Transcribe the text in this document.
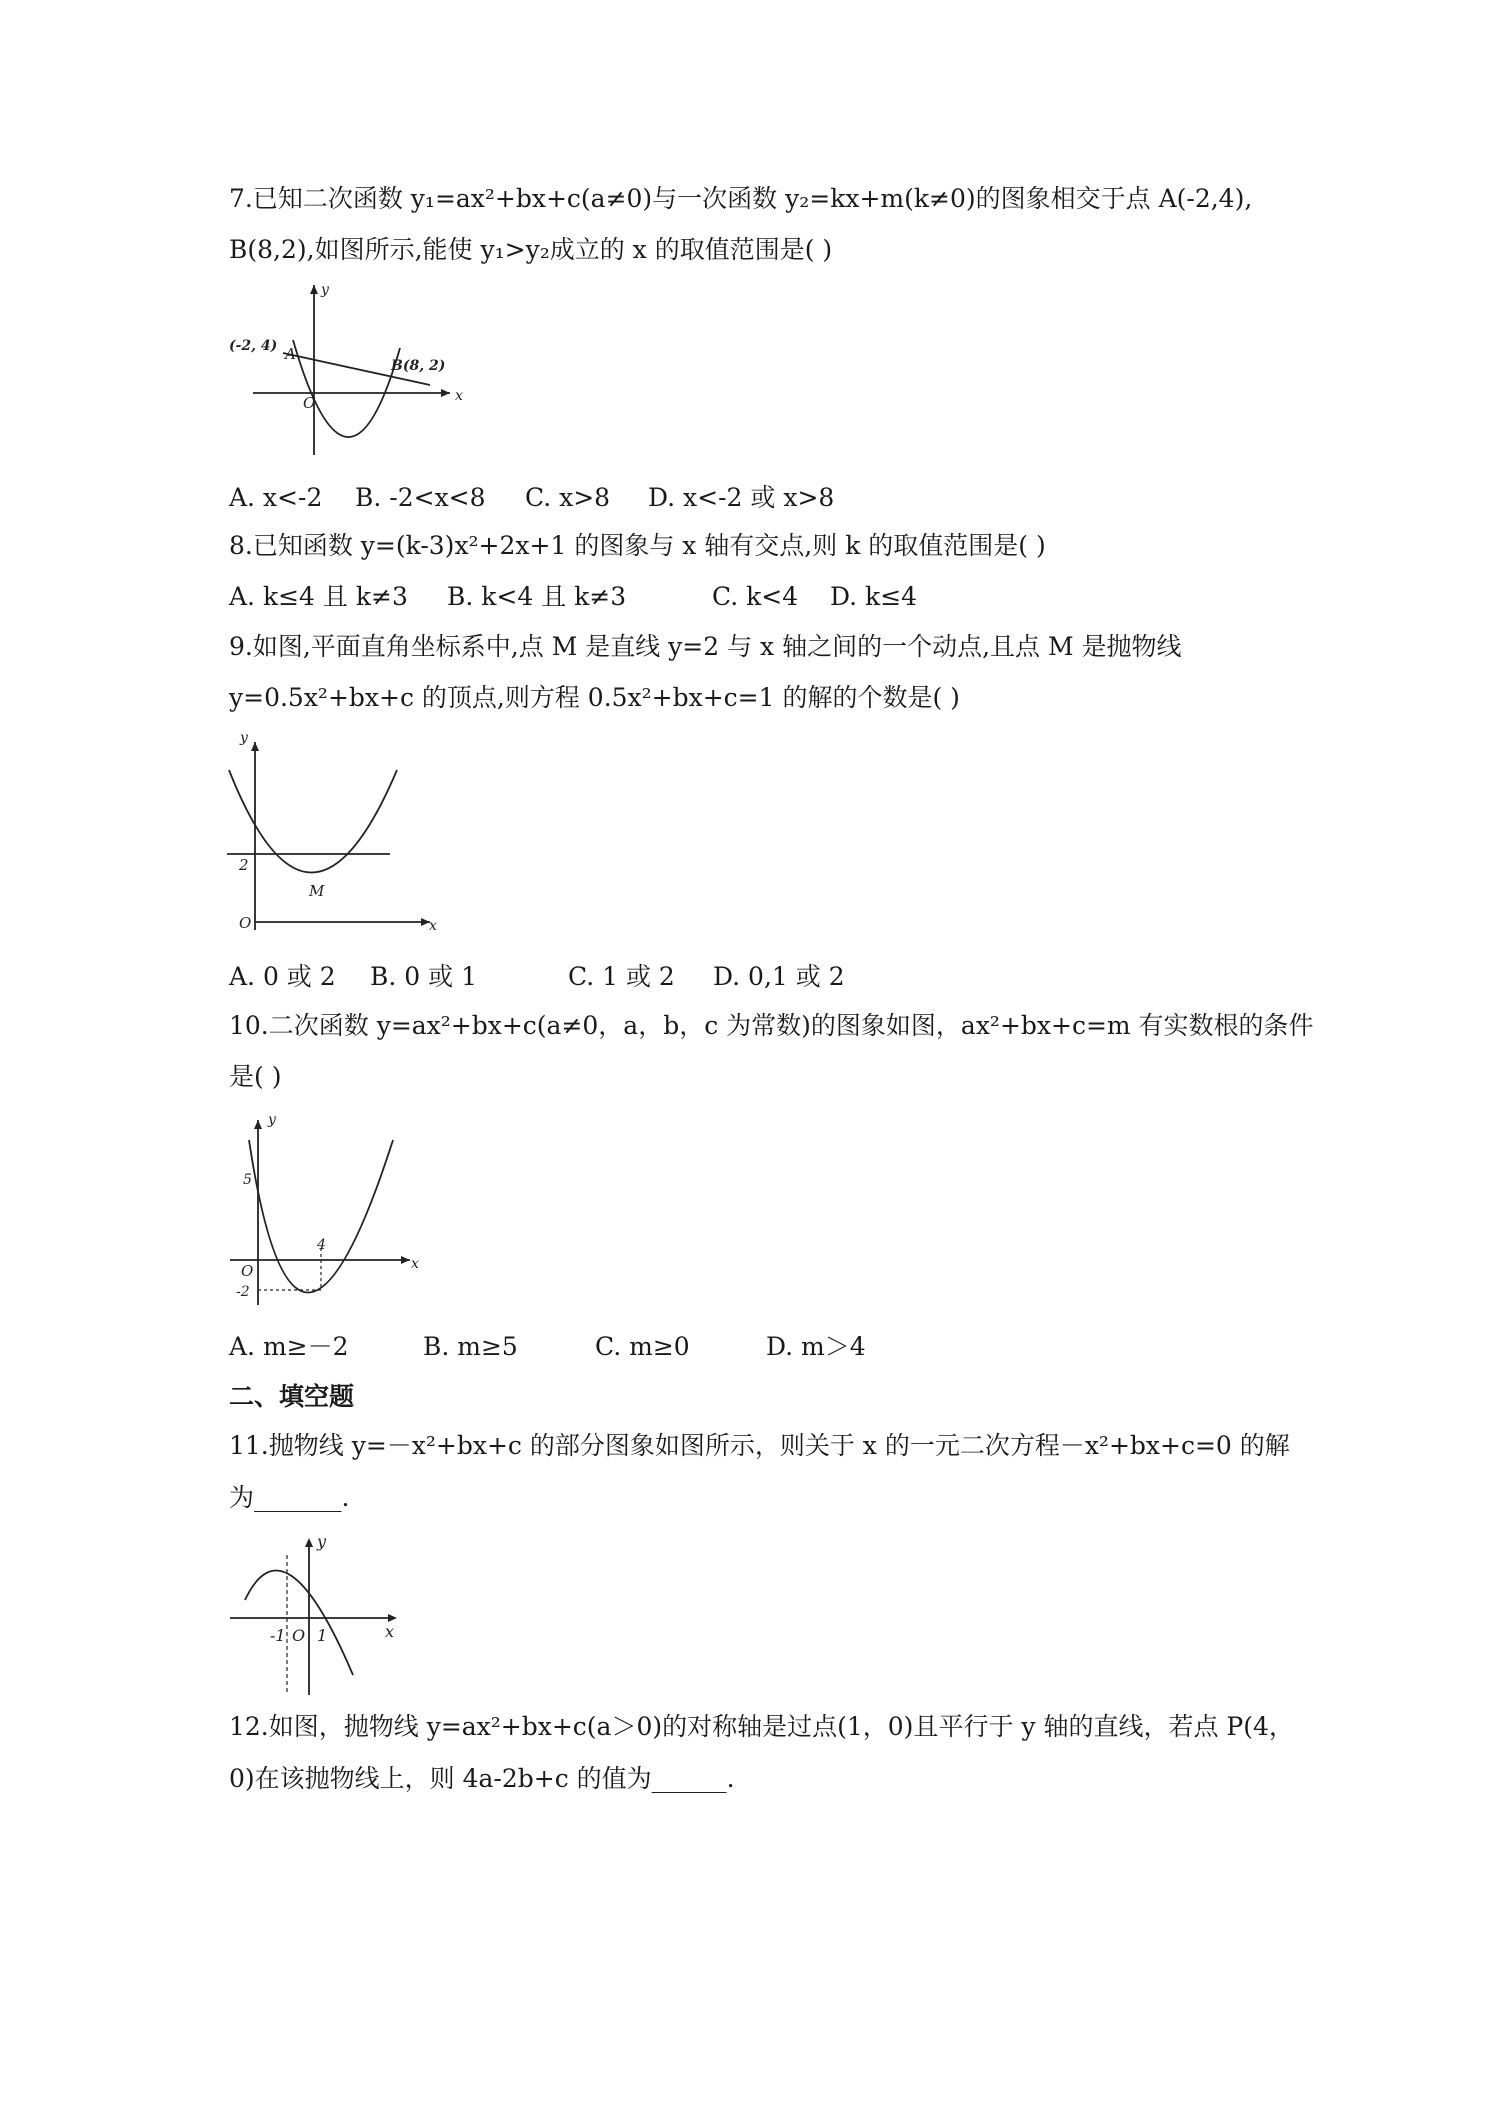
7.已知二次函数 y₁=ax²+bx+c(a≠0)与一次函数 y₂=kx+m(k≠0)的图象相交于点 A(-2,4),
B(8,2),如图所示,能使 y₁>y₂成立的 x 的取值范围是( )
y
x
O
A
(-2, 4)
B(8, 2)
A. x<-2 B. -2<x<8 C. x>8 D. x<-2 或 x>8
8.已知函数 y=(k-3)x²+2x+1 的图象与 x 轴有交点,则 k 的取值范围是( )
A. k≤4 且 k≠3 B. k<4 且 k≠3	C. k<4 D. k≤4
9.如图,平面直角坐标系中,点 M 是直线 y=2 与 x 轴之间的一个动点,且点 M 是抛物线
y=0.5x²+bx+c 的顶点,则方程 0.5x²+bx+c=1 的解的个数是( )
y
2
M
O	x
A. 0 或 2 B. 0 或 1	C. 1 或 2 D. 0,1 或 2
10.二次函数 y=ax²+bx+c(a≠0，a，b，c 为常数)的图象如图，ax²+bx+c=m 有实数根的条件
是( )
y
5
4
O	x
-2
A. m≥－2	B. m≥5	C. m≥0	D. m＞4
二、填空题
11.抛物线 y=－x²+bx+c 的部分图象如图所示，则关于 x 的一元二次方程－x²+bx+c=0 的解
为_______.
y
-1 O 1	x
12.如图，抛物线 y=ax²+bx+c(a＞0)的对称轴是过点(1，0)且平行于 y 轴的直线，若点 P(4，
0)在该抛物线上，则 4a-2b+c 的值为______.
